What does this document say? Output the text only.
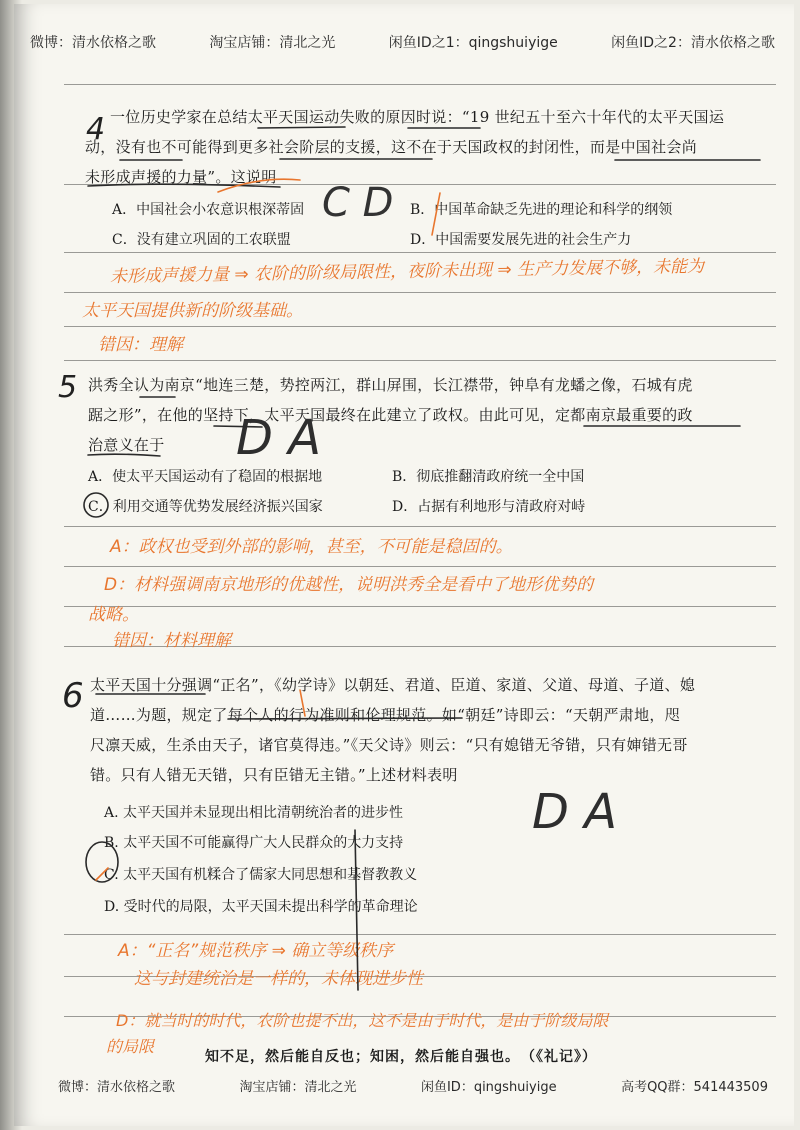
微博：清水依格之歌	淘宝店铺：清北之光	闲鱼ID之1：qingshuiyige	闲鱼ID之2：清水依格之歌
4 一位历史学家在总结太平天国运动失败的原因时说：“19 世纪五十至六十年代的太平天国运
动，没有也不可能得到更多社会阶层的支援，这不在于天国政权的封闭性，而是中国社会尚
未形成声援的力量”。这说明
A．中国社会小农意识根深蒂固	B．中国革命缺乏先进的理论和科学的纲领
C．没有建立巩固的工农联盟	D．中国需要发展先进的社会生产力
C D
未形成声援力量 ⇒ 农阶的阶级局限性，夜阶未出现 ⇒ 生产力发展不够，未能为
太平天国提供新的阶级基础。
错因：理解
5 洪秀全认为南京“地连三楚，势控两江，群山屏围，长江襟带，钟阜有龙蟠之像，石城有虎
踞之形”，在他的坚持下，太平天国最终在此建立了政权。由此可见，定都南京最重要的政
治意义在于
A．使太平天国运动有了稳固的根据地	B．彻底推翻清政府统一全中国
C．利用交通等优势发展经济振兴国家	D．占据有利地形与清政府对峙
D A
A：政权也受到外部的影响，甚至，不可能是稳固的。
D：材料强调南京地形的优越性，说明洪秀全是看中了地形优势的
战略。
错因：材料理解
6 太平天国十分强调“正名”，《幼学诗》以朝廷、君道、臣道、家道、父道、母道、子道、媳
道……为题，规定了每个人的行为准则和伦理规范。如“朝廷”诗即云：“天朝严肃地，咫
尺凛天威，生杀由天子，诸官莫得违。”《天父诗》则云：“只有媳错无爷错，只有婶错无哥
错。只有人错无天错，只有臣错无主错。”上述材料表明
A. 太平天国并未显现出相比清朝统治者的进步性
B. 太平天国不可能赢得广大人民群众的大力支持
C. 太平天国有机糅合了儒家大同思想和基督教教义
D. 受时代的局限，太平天国未提出科学的革命理论
D A
A：“正名”规范秩序 ⇒ 确立等级秩序
这与封建统治是一样的，未体现进步性
D：就当时的时代，农阶也提不出，这不是由于时代，是由于阶级局限
的局限
知不足，然后能自反也；知困，然后能自强也。　（《礼记》）
微博：清水依格之歌	淘宝店铺：清北之光	闲鱼ID：qingshuiyige	高考QQ群：541443509
